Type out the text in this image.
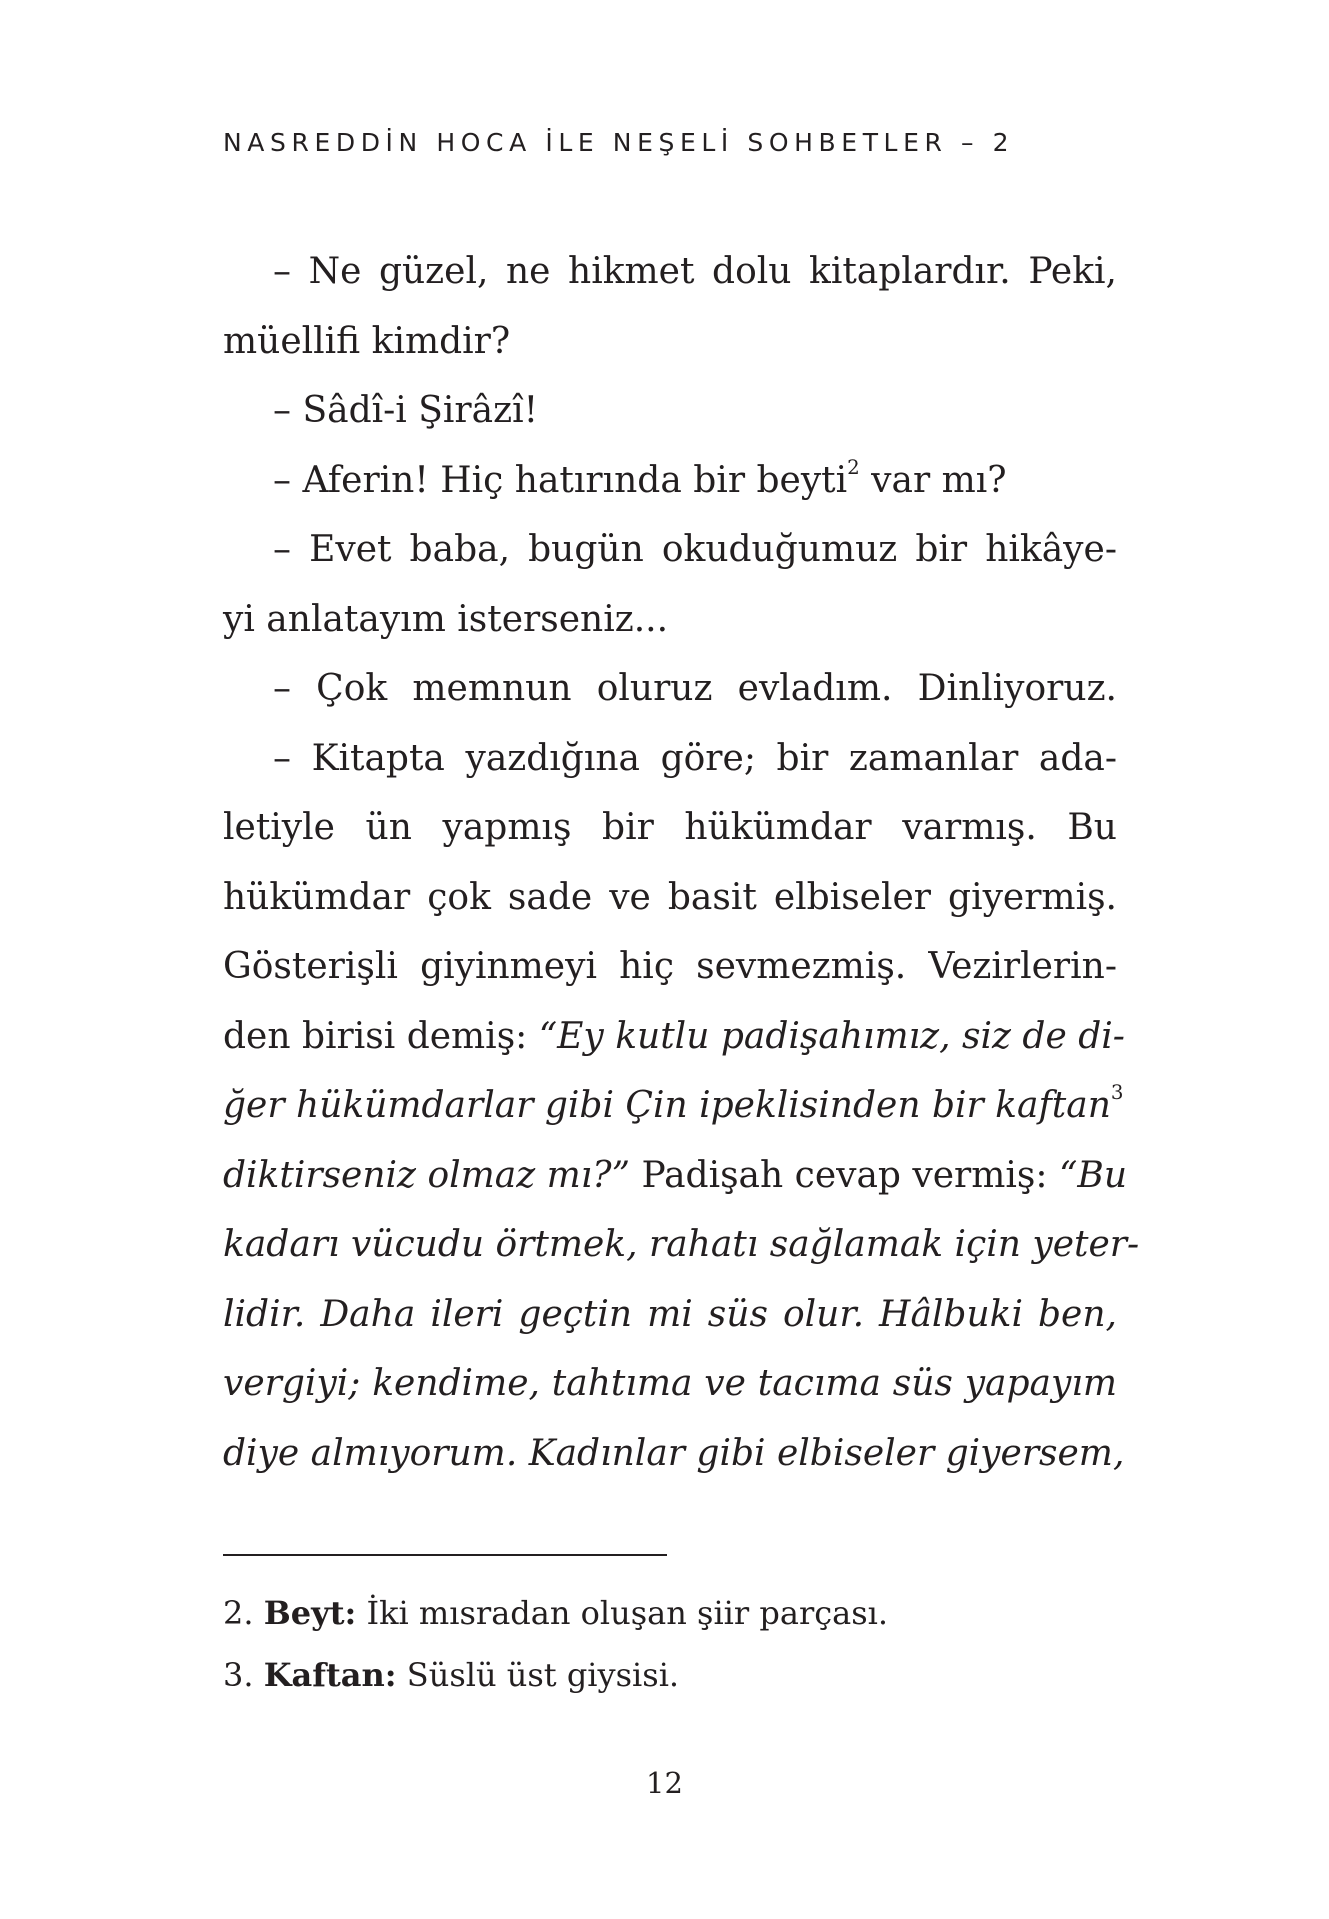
NASREDDİN HOCA İLE NEŞELİ SOHBETLER – 2
– Ne güzel, ne hikmet dolu kitaplardır. Peki,
müellifi kimdir?
– Sâdî-i Şirâzî!
– Aferin! Hiç hatırında bir beyti$^2$ var mı?
– Evet baba, bugün okuduğumuz bir hikâye-
yi anlatayım isterseniz...
– Çok memnun oluruz evladım. Dinliyoruz.
– Kitapta yazdığına göre; bir zamanlar ada-
letiyle ün yapmış bir hükümdar varmış. Bu
hükümdar çok sade ve basit elbiseler giyermiş.
Gösterişli giyinmeyi hiç sevmezmiş. Vezirlerin-
den birisi demiş: “Ey kutlu padişahımız, siz de di-
ğer hükümdarlar gibi Çin ipeklisinden bir kaftan$^3$
diktirseniz olmaz mı?” Padişah cevap vermiş: “Bu
kadarı vücudu örtmek, rahatı sağlamak için yeter-
lidir. Daha ileri geçtin mi süs olur. Hâlbuki ben,
vergiyi; kendime, tahtıma ve tacıma süs yapayım
diye almıyorum. Kadınlar gibi elbiseler giyersem,
2. Beyt: İki mısradan oluşan şiir parçası.
3. Kaftan: Süslü üst giysisi.
12
